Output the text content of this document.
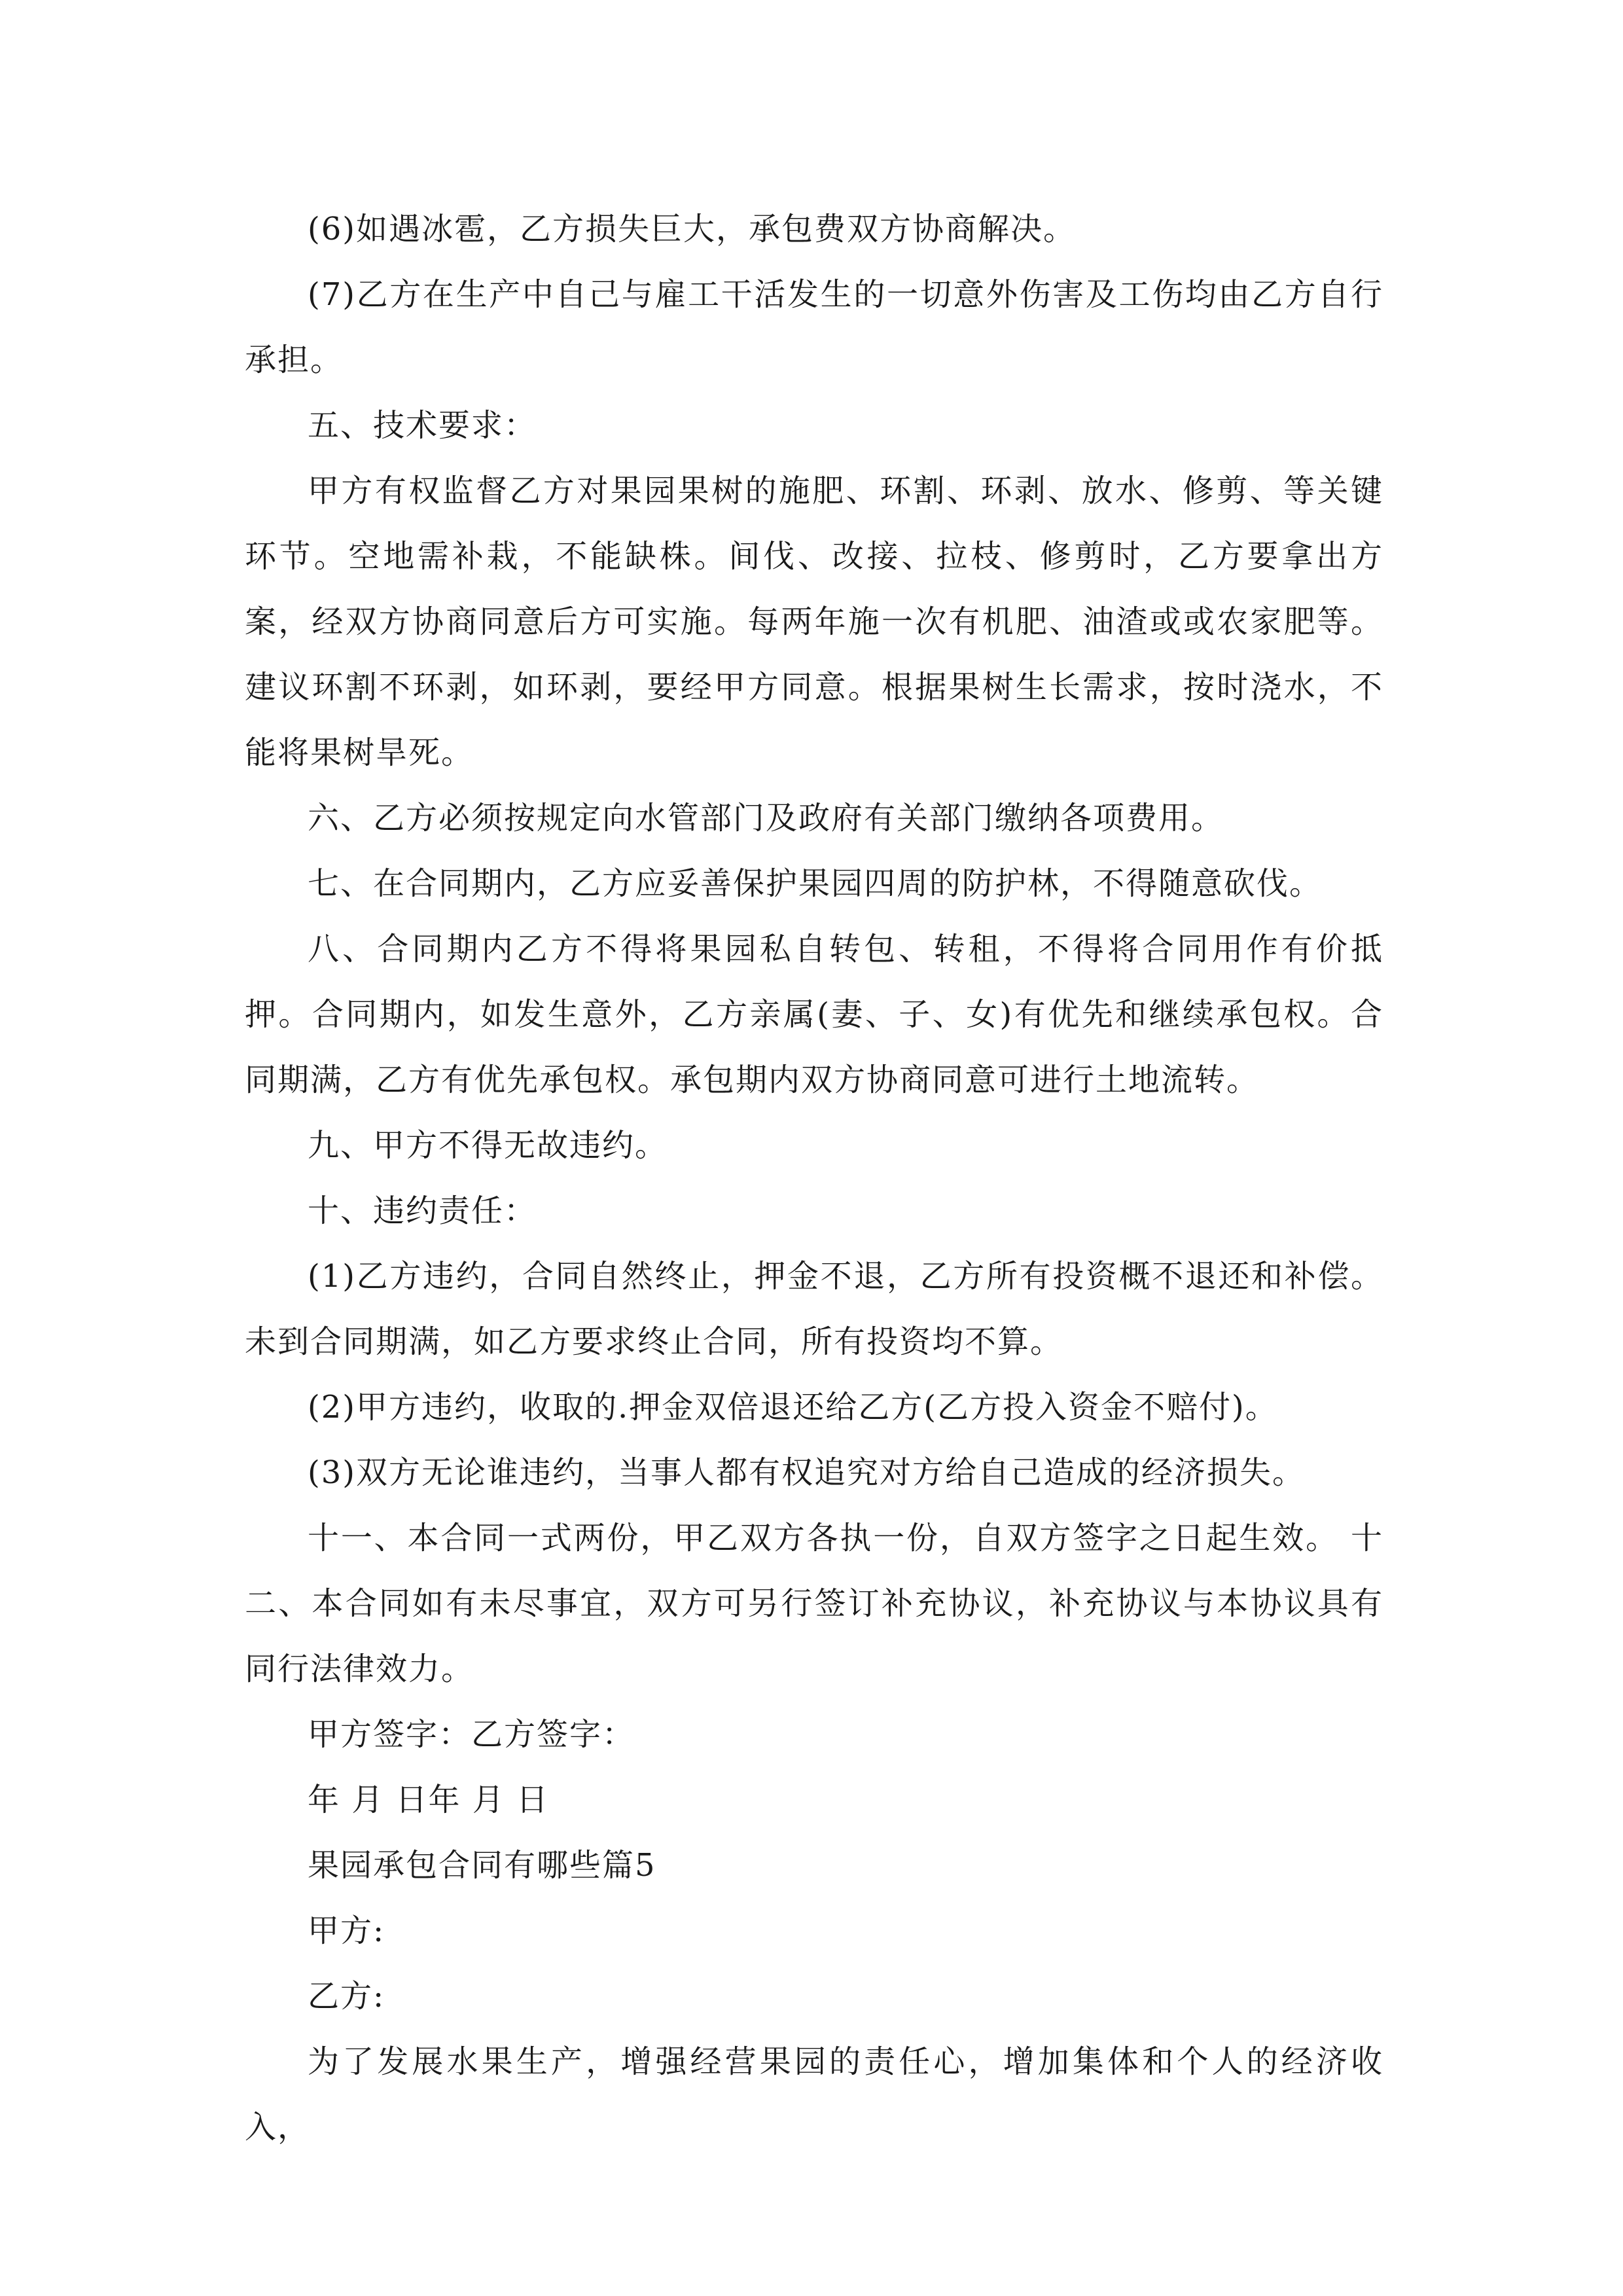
(6)如遇冰雹，乙方损失巨大，承包费双方协商解决。

(7)乙方在生产中自己与雇工干活发生的一切意外伤害及工伤均由乙方自行承担。

五、技术要求：

甲方有权监督乙方对果园果树的施肥、环割、环剥、放水、修剪、等关键环节。空地需补栽，不能缺株。间伐、改接、拉枝、修剪时，乙方要拿出方案，经双方协商同意后方可实施。每两年施一次有机肥、油渣或或农家肥等。建议环割不环剥，如环剥，要经甲方同意。根据果树生长需求，按时浇水，不能将果树旱死。

六、乙方必须按规定向水管部门及政府有关部门缴纳各项费用。

七、在合同期内，乙方应妥善保护果园四周的防护林，不得随意砍伐。

八、合同期内乙方不得将果园私自转包、转租，不得将合同用作有价抵押。合同期内，如发生意外，乙方亲属(妻、子、女)有优先和继续承包权。合同期满，乙方有优先承包权。承包期内双方协商同意可进行土地流转。

九、甲方不得无故违约。

十、违约责任：

(1)乙方违约，合同自然终止，押金不退，乙方所有投资概不退还和补偿。未到合同期满，如乙方要求终止合同，所有投资均不算。

(2)甲方违约，收取的.押金双倍退还给乙方(乙方投入资金不赔付)。

(3)双方无论谁违约，当事人都有权追究对方给自己造成的经济损失。

十一、本合同一式两份，甲乙双方各执一份，自双方签字之日起生效。 十二、本合同如有未尽事宜，双方可另行签订补充协议，补充协议与本协议具有同行法律效力。

甲方签字：乙方签字：

年 月 日年 月 日

果园承包合同有哪些篇5

甲方:

乙方:

为了发展水果生产，增强经营果园的责任心，增加集体和个人的经济收入，
